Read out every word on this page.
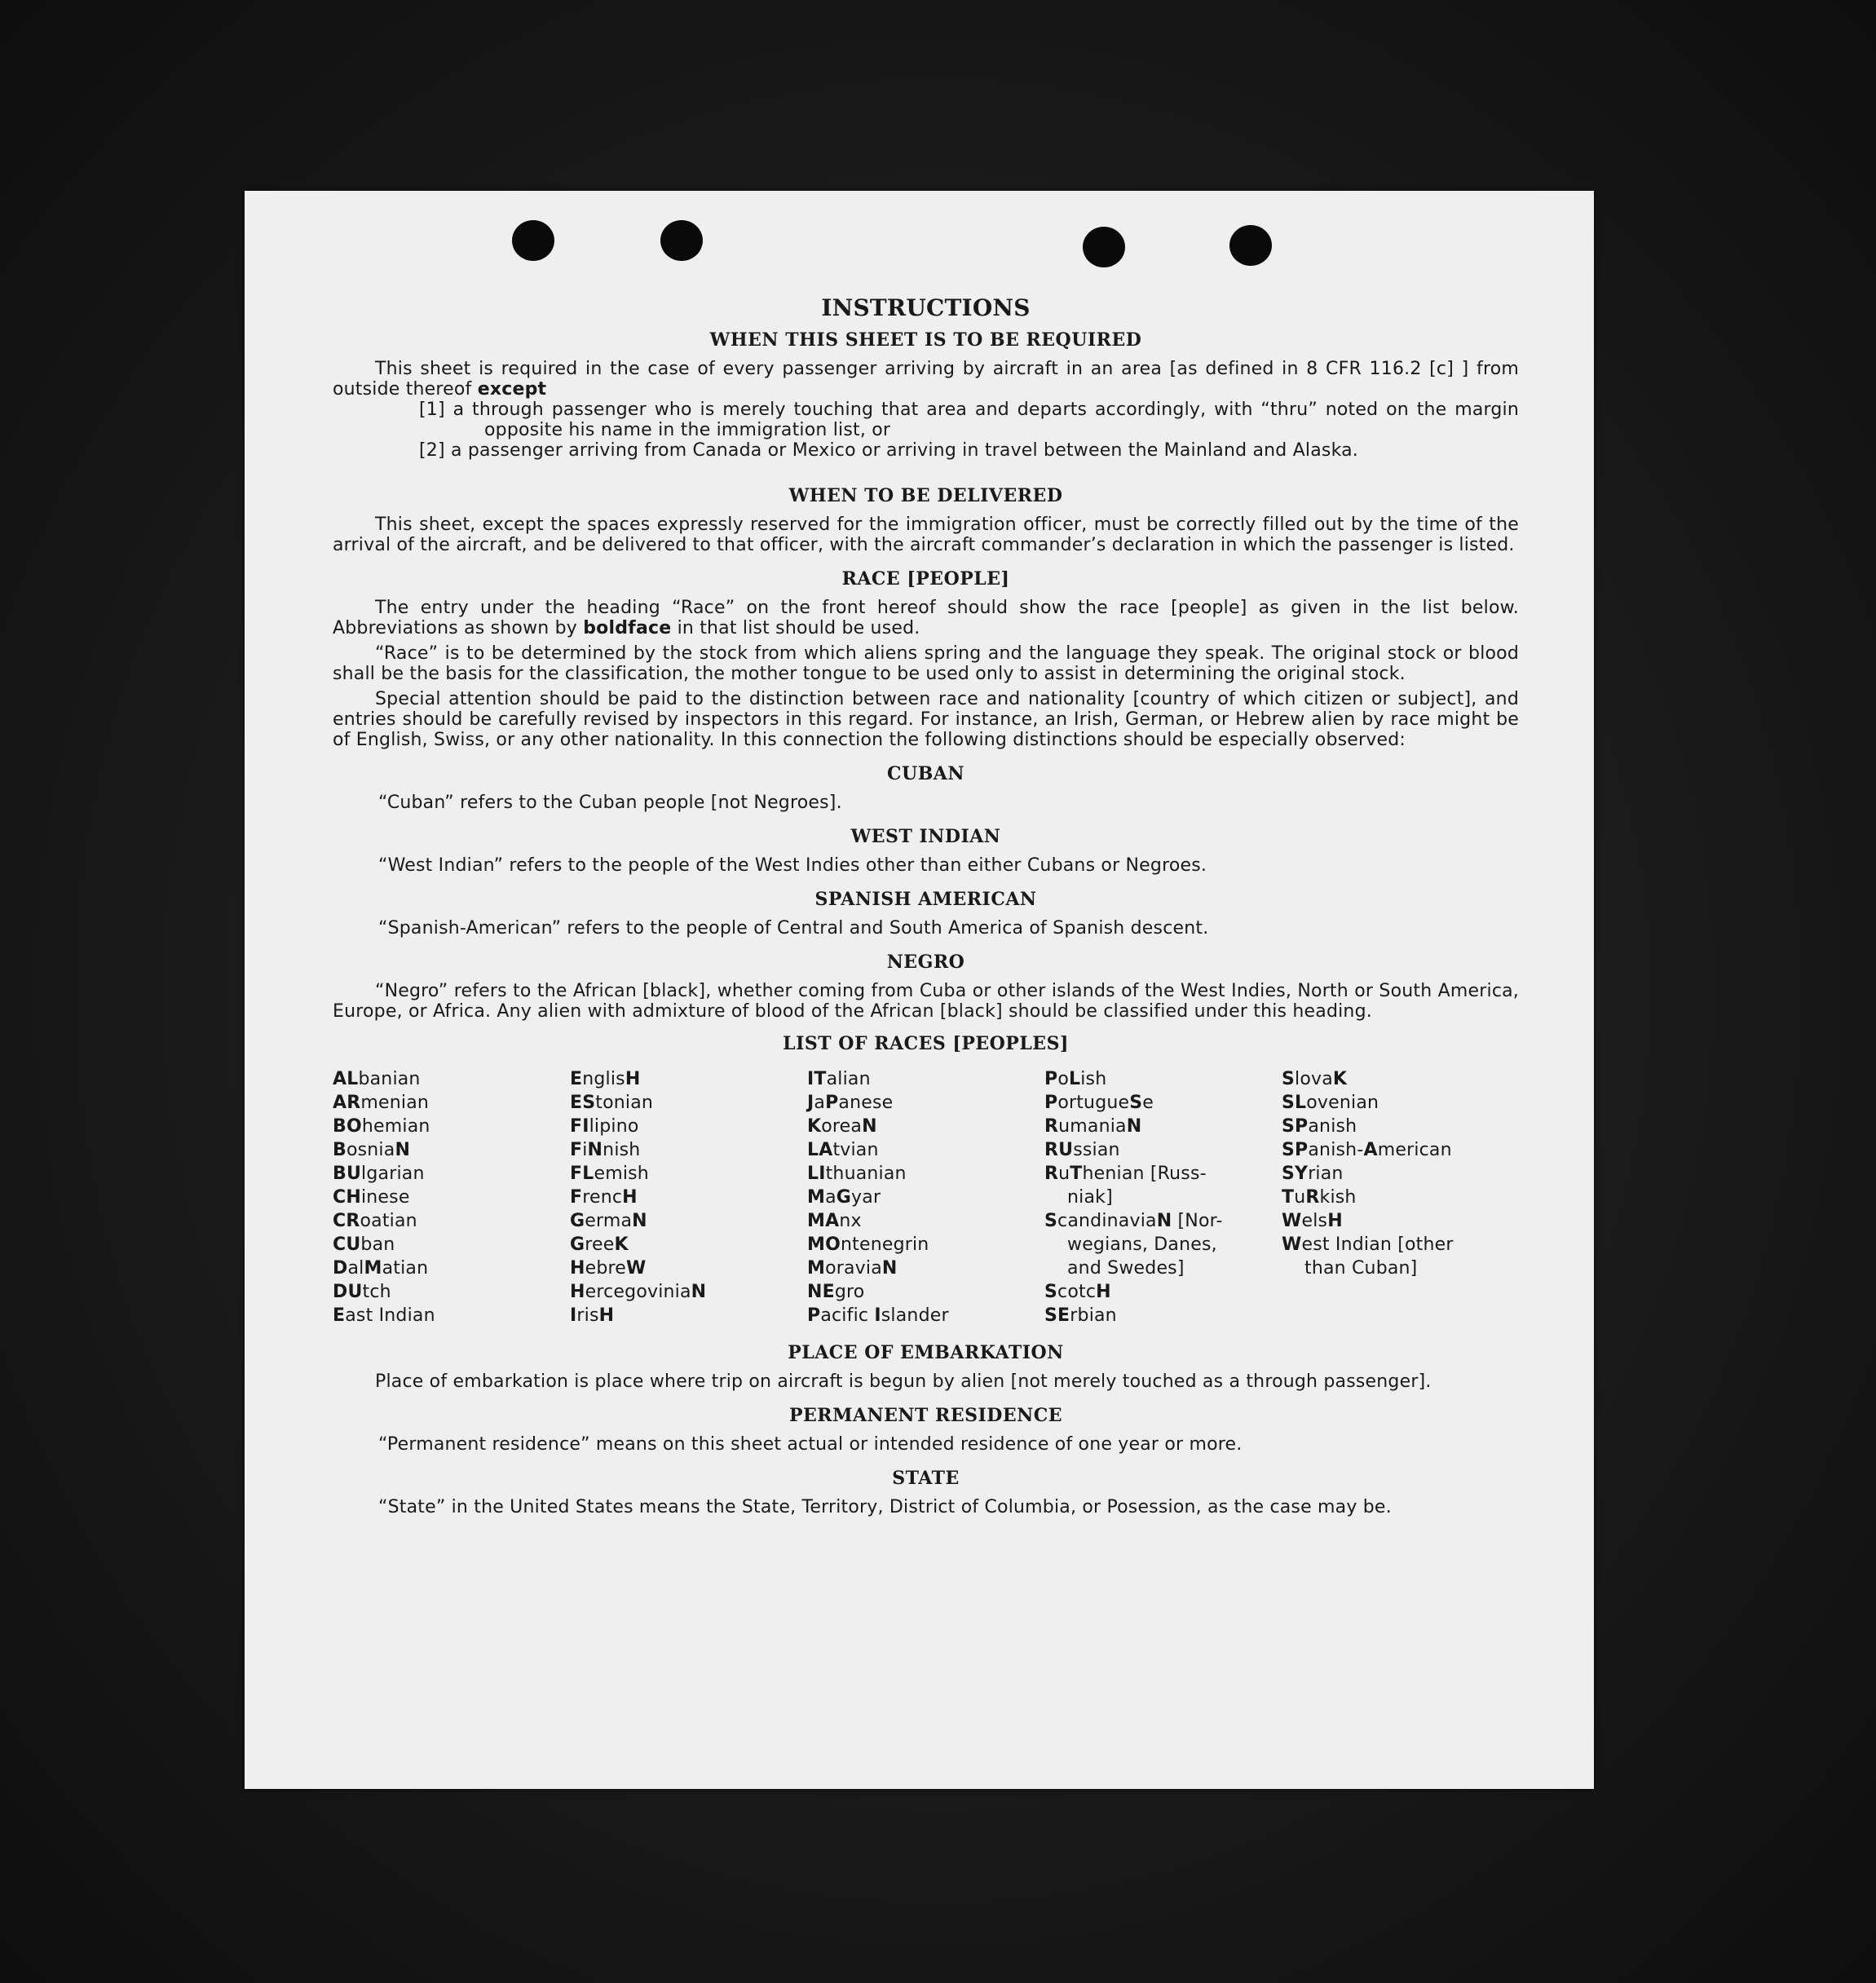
INSTRUCTIONS
WHEN THIS SHEET IS TO BE REQUIRED

This sheet is required in the case of every passenger arriving by aircraft in an area [as defined in 8 CFR 116.2 [c] ] from outside thereof except

[1] a through passenger who is merely touching that area and departs accordingly, with “thru” noted on the margin opposite his name in the immigration list, or

[2] a passenger arriving from Canada or Mexico or arriving in travel between the Mainland and Alaska.

WHEN TO BE DELIVERED

This sheet, except the spaces expressly reserved for the immigration officer, must be correctly filled out by the time of the arrival of the aircraft, and be delivered to that officer, with the aircraft commander’s declaration in which the passenger is listed.

RACE [PEOPLE]

The entry under the heading “Race” on the front hereof should show the race [people] as given in the list below. Abbreviations as shown by boldface in that list should be used.

“Race” is to be determined by the stock from which aliens spring and the language they speak. The original stock or blood shall be the basis for the classification, the mother tongue to be used only to assist in determining the original stock.

Special attention should be paid to the distinction between race and nationality [country of which citizen or subject], and entries should be carefully revised by inspectors in this regard. For instance, an Irish, German, or Hebrew alien by race might be of English, Swiss, or any other nationality. In this connection the following distinctions should be especially observed:

CUBAN

“Cuban” refers to the Cuban people [not Negroes].

WEST INDIAN

“West Indian” refers to the people of the West Indies other than either Cubans or Negroes.

SPANISH AMERICAN

“Spanish-American” refers to the people of Central and South America of Spanish descent.

NEGRO

“Negro” refers to the African [black], whether coming from Cuba or other islands of the West Indies, North or South America, Europe, or Africa. Any alien with admixture of blood of the African [black] should be classified under this heading.

LIST OF RACES [PEOPLES]
ALbanian
ARmenian
BOhemian
BosniaN
BUlgarian
CHinese
CRoatian
CUban
DalMatian
DUtch
East Indian
EnglisH
EStonian
FIlipino
FiNnish
FLemish
FrencH
GermaN
GreeK
HebreW
HercegoviniaN
IrisH
ITalian
JaPanese
KoreaN
LAtvian
LIthuanian
MaGyar
MAnx
MOntenegrin
MoraviaN
NEgro
Pacific Islander
PoLish
PortugueSe
RumaniaN
RUssian
RuThenian [Russ-
niak]
ScandinaviaN [Nor-
wegians, Danes,
and Swedes]
ScotcH
SErbian
SlovaK
SLovenian
SPanish
SPanish-American
SYrian
TuRkish
WelsH
West Indian [other
than Cuban]
PLACE OF EMBARKATION

Place of embarkation is place where trip on aircraft is begun by alien [not merely touched as a through passenger].

PERMANENT RESIDENCE

“Permanent residence” means on this sheet actual or intended residence of one year or more.

STATE

“State” in the United States means the State, Territory, District of Columbia, or Posession, as the case may be.
